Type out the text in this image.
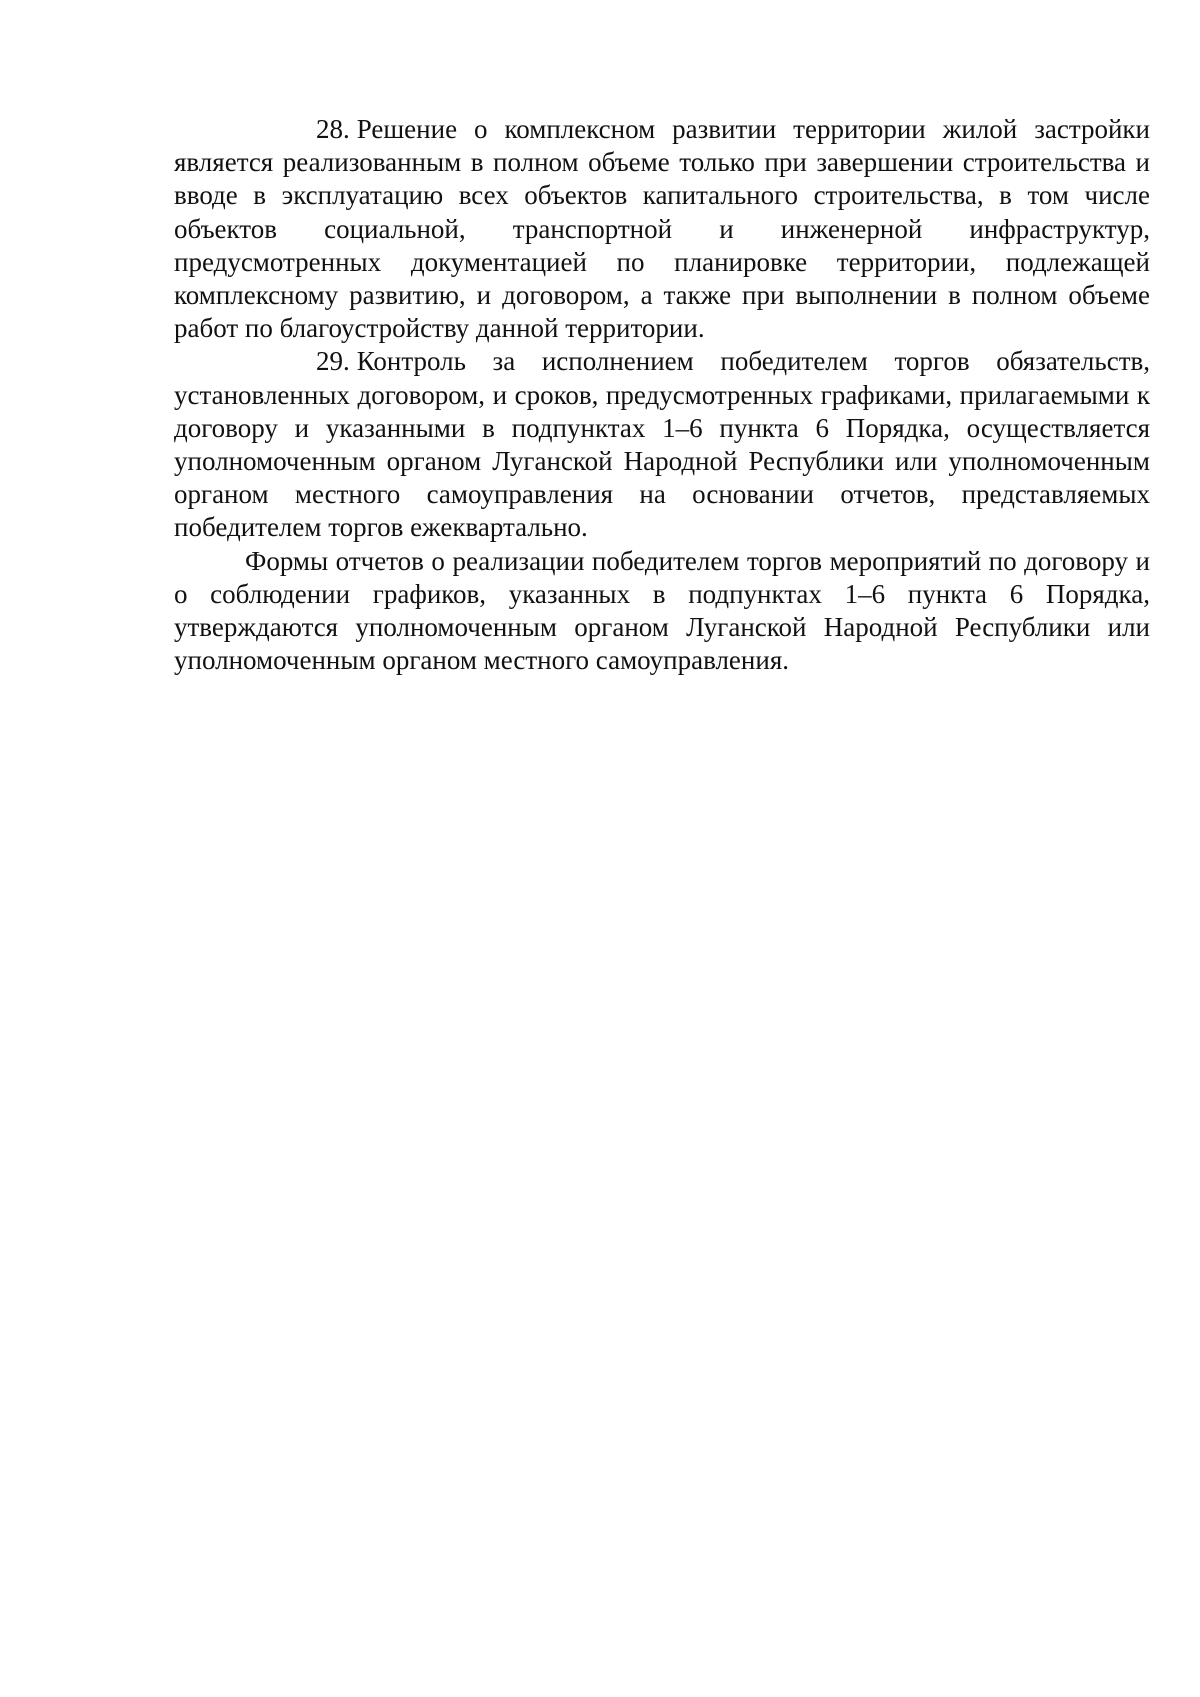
28. Решение о комплексном развитии территории жилой застройки является реализованным в полном объеме только при завершении строительства и вводе в эксплуатацию всех объектов капитального строительства, в том числе объектов социальной, транспортной и инженерной инфраструктур, предусмотренных документацией по планировке территории, подлежащей комплексному развитию, и договором, а также при выполнении в полном объеме работ по благоустройству данной территории.

29. Контроль за исполнением победителем торгов обязательств, установленных договором, и сроков, предусмотренных графиками, прилагаемыми к договору и указанными в подпунктах 1–6 пункта 6 Порядка, осуществляется уполномоченным органом Луганской Народной Республики или уполномоченным органом местного самоуправления на основании отчетов, представляемых победителем торгов ежеквартально.

Формы отчетов о реализации победителем торгов мероприятий по договору и о соблюдении графиков, указанных в подпунктах 1–6 пункта 6 Порядка, утверждаются уполномоченным органом Луганской Народной Республики или уполномоченным органом местного самоуправления.
